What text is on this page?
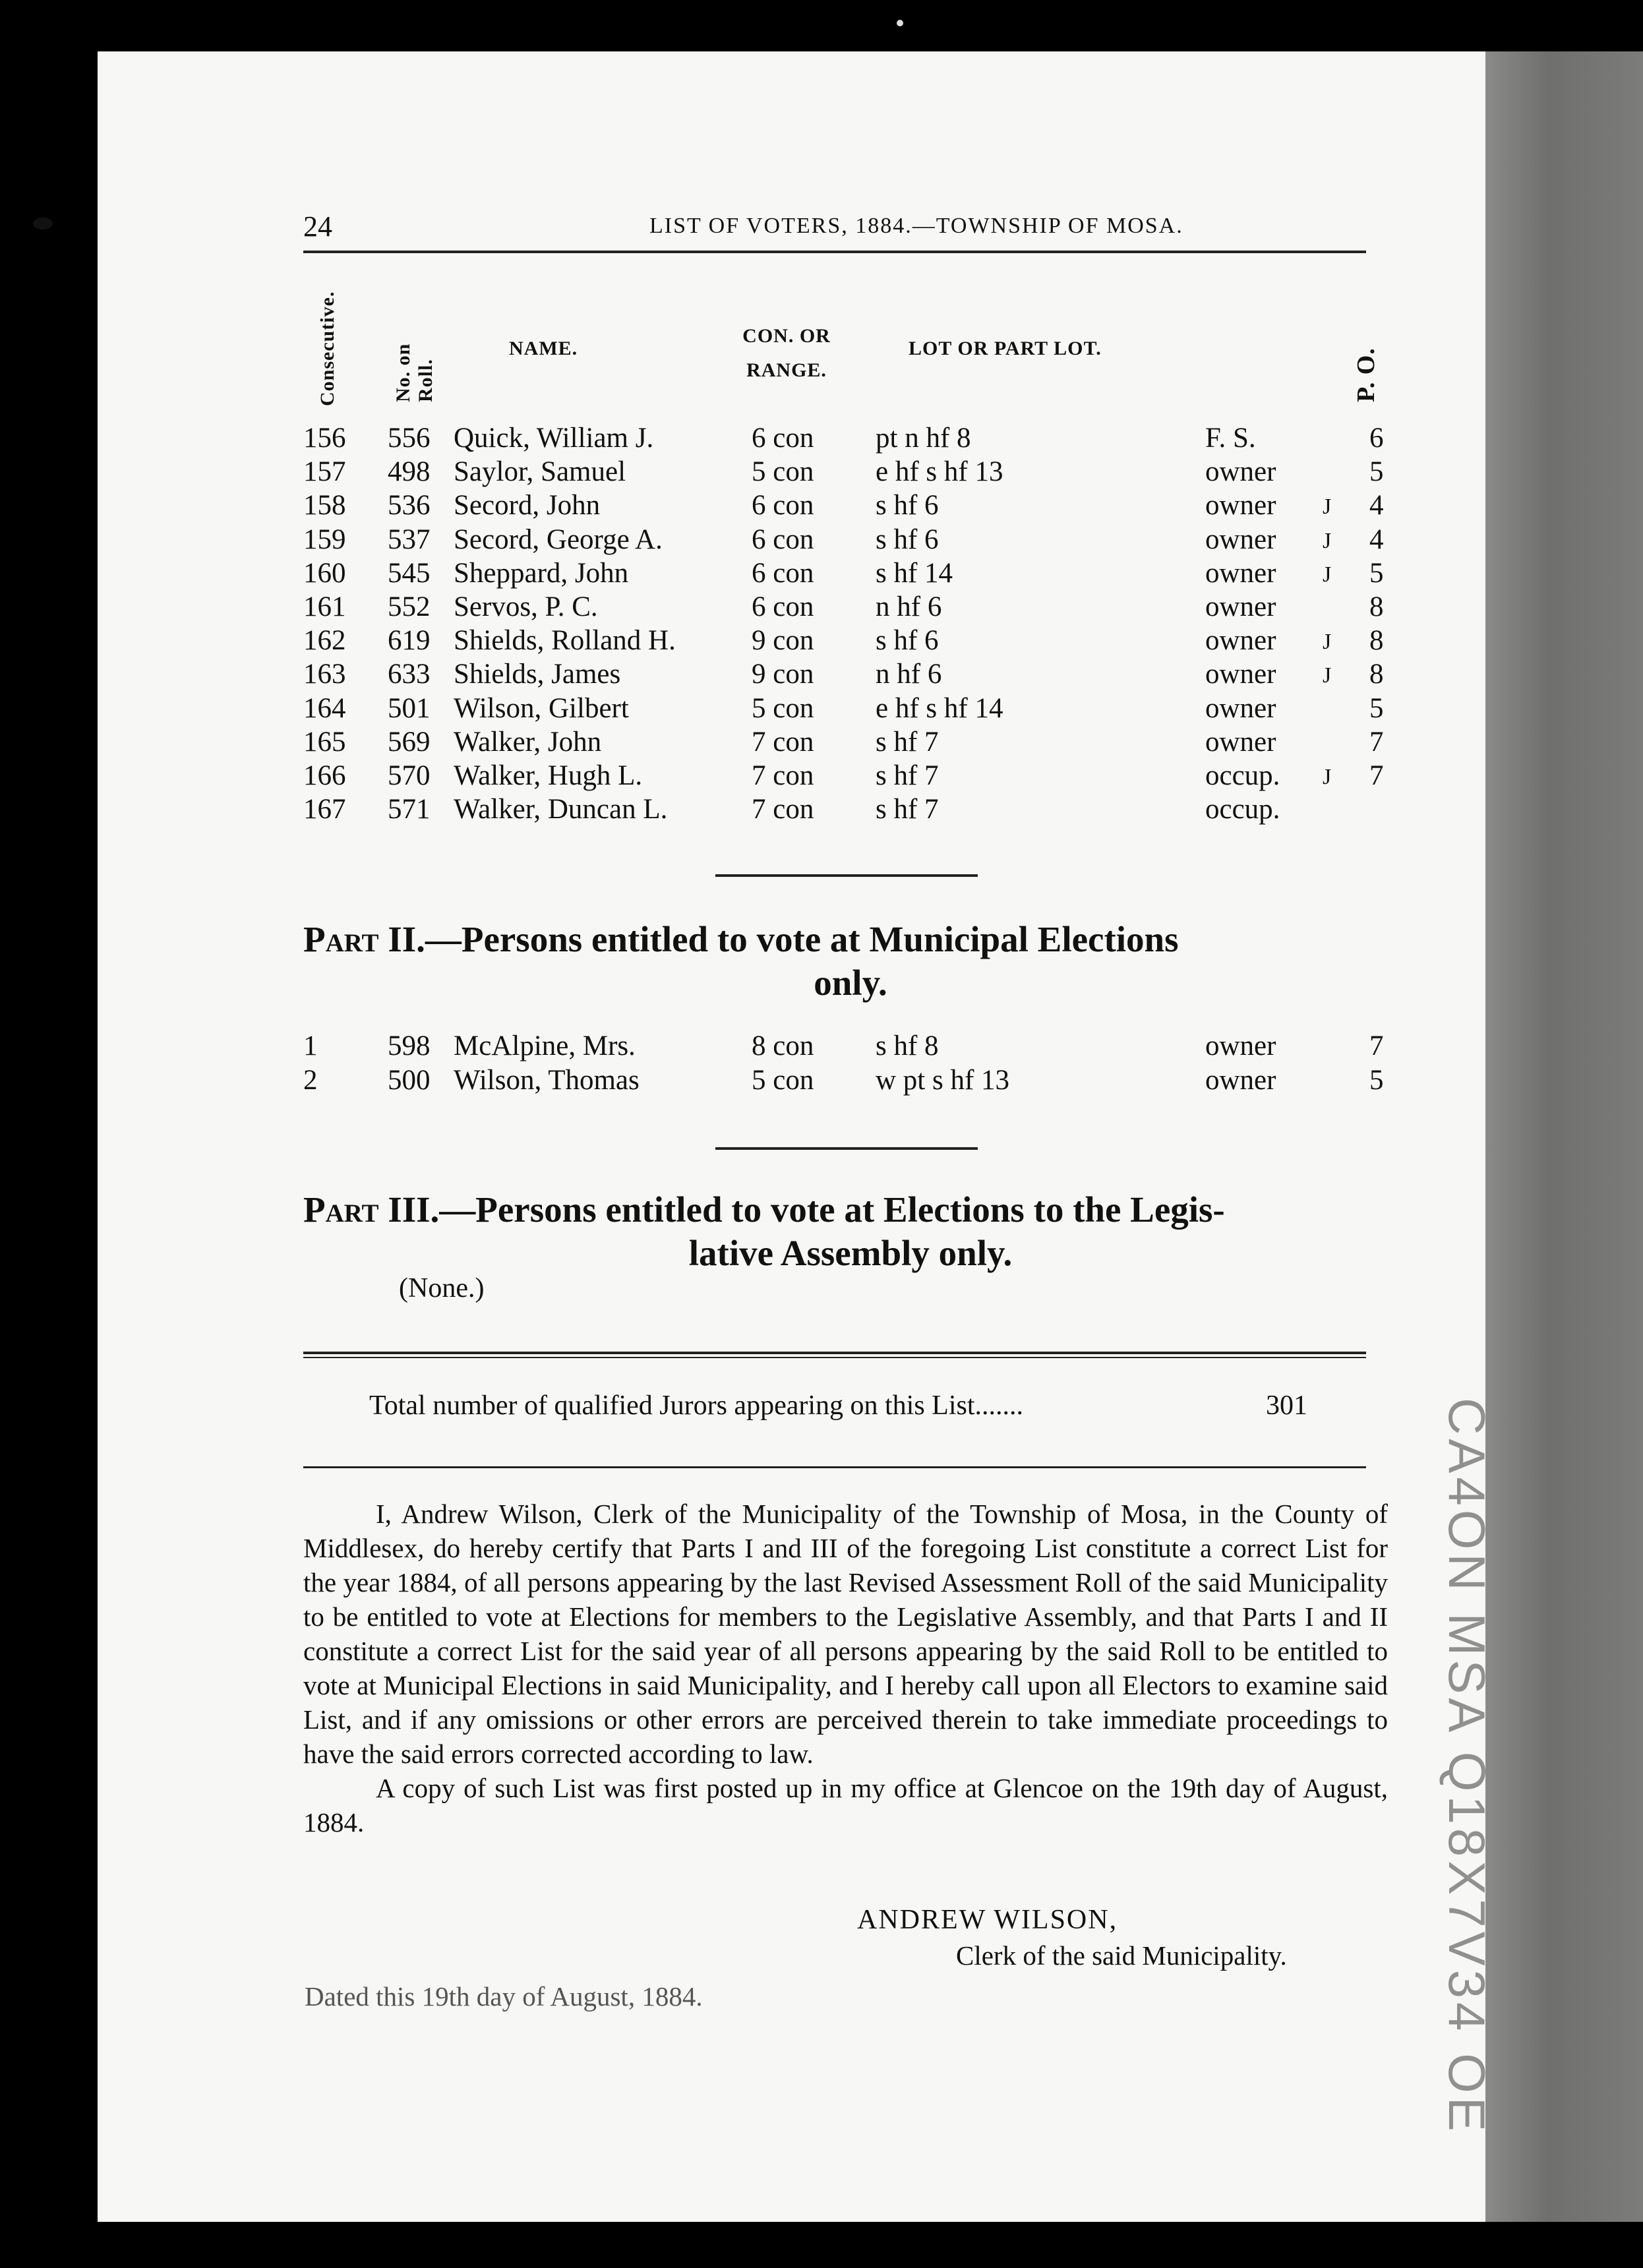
CA4ON MSA Q18X7V34 OE
24	LIST OF VOTERS, 1884.—TOWNSHIP OF MOSA.
Consecutive.	No. on Roll.
NAME.
CON. OR RANGE.
LOT OR PART LOT.	P. O.
156 556 Quick, William J.	6 con pt n hf 8	F. S.	6
157 498 Saylor, Samuel	5 con e hf s hf 13	owner	5
158 536 Secord, John	6 con s hf 6	owner J 4
159 537 Secord, George A.	6 con s hf 6	owner J 4
160 545 Sheppard, John	6 con s hf 14	owner J 5
161 552 Servos, P. C.	6 con n hf 6	owner	8
162 619 Shields, Rolland H.	9 con s hf 6	owner J 8
163 633 Shields, James	9 con n hf 6	owner J 8
164 501 Wilson, Gilbert	5 con e hf s hf 14	owner	5
165 569 Walker, John	7 con s hf 7	owner	7
166 570 Walker, Hugh L.	7 con s hf 7	occup. J 7
167 571 Walker, Duncan L.	7 con s hf 7	occup.
Part II.—Persons entitled to vote at Municipal Elections
only.
1 598 McAlpine, Mrs.	8 con s hf 8	owner	7
2 500 Wilson, Thomas	5 con w pt s hf 13	owner	5
Part III.—Persons entitled to vote at Elections to the Legis-
lative Assembly only.
(None.)
Total number of qualified Jurors appearing on this List.......	301

I, Andrew Wilson, Clerk of the Municipality of the Township of Mosa, in the County of Middlesex, do hereby certify that Parts I and III of the foregoing List constitute a correct List for the year 1884, of all persons appearing by the last Revised Assessment Roll of the said Municipality to be entitled to vote at Elections for members to the Legislative Assembly, and that Parts I and II constitute a correct List for the said year of all persons appearing by the said Roll to be entitled to vote at Municipal Elections in said Municipality, and I hereby call upon all Electors to examine said List, and if any omissions or other errors are perceived therein to take immediate proceedings to have the said errors corrected according to law.

A copy of such List was first posted up in my office at Glencoe on the 19th day of August, 1884.

ANDREW WILSON,
Clerk of the said Municipality.
Dated this 19th day of August, 1884.
